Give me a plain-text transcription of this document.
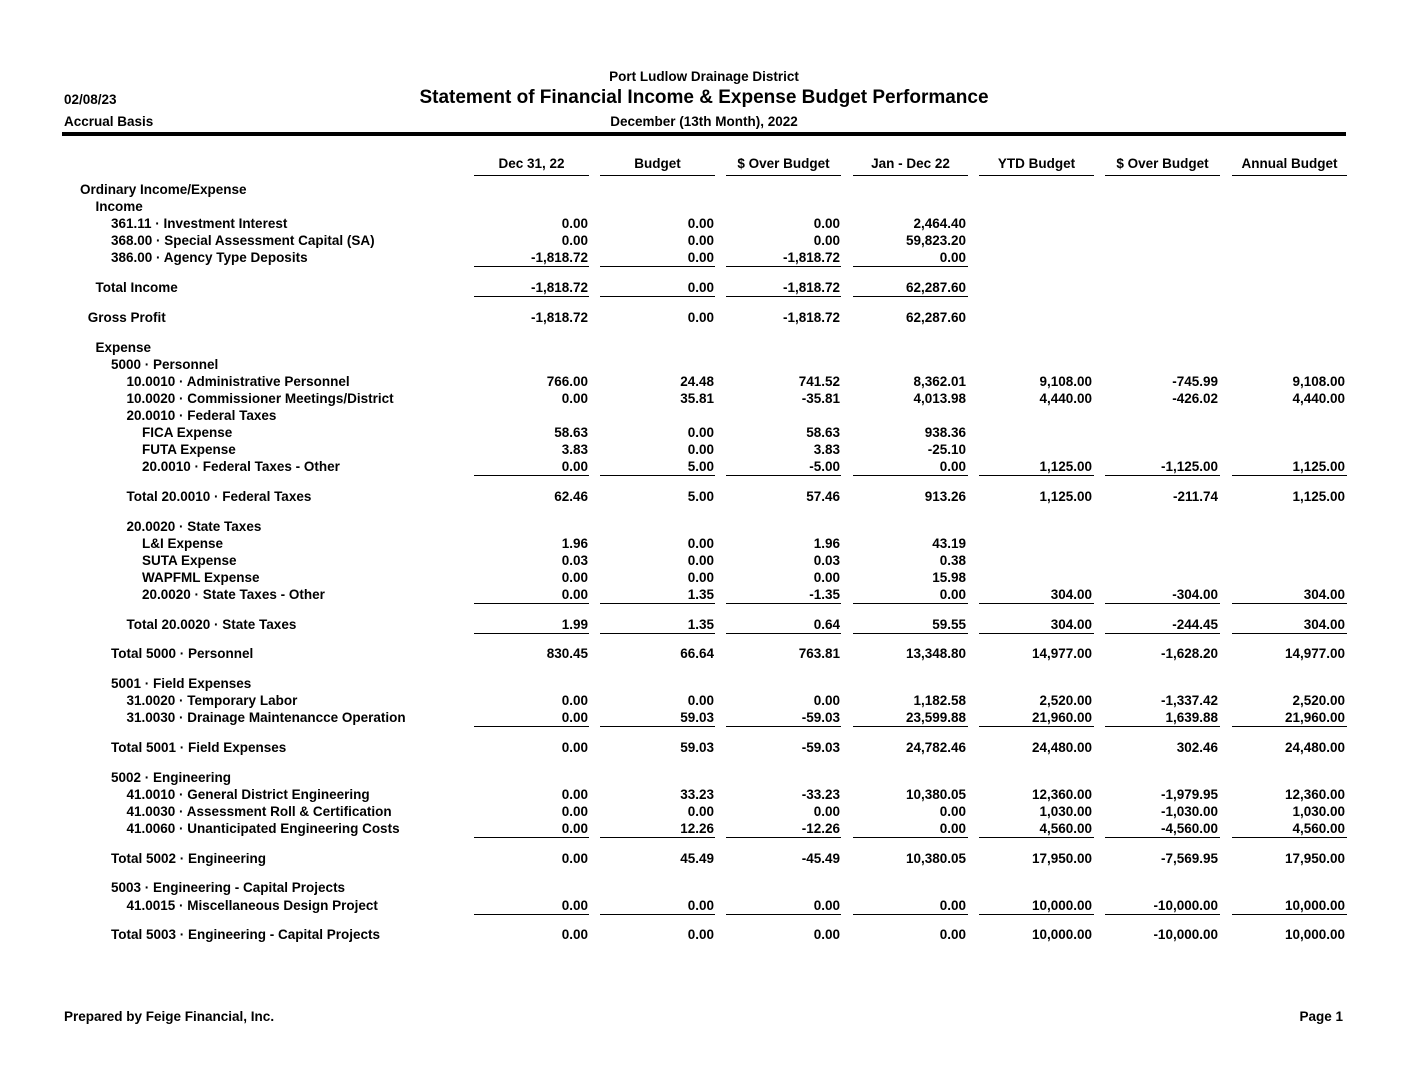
Port Ludlow Drainage District
Statement of Financial Income & Expense Budget Performance
December (13th Month), 2022
02/08/23
Accrual Basis
Dec 31, 22	Budget	$ Over Budget	Jan - Dec 22	YTD Budget	$ Over Budget	Annual Budget
Ordinary Income/Expense
Income
361.11 · Investment Interest	0.00	0.00	0.00	2,464.40
368.00 · Special Assessment Capital (SA)	0.00	0.00	0.00	59,823.20
386.00 · Agency Type Deposits	-1,818.72	0.00	-1,818.72	0.00
Total Income	-1,818.72	0.00	-1,818.72	62,287.60
Gross Profit	-1,818.72	0.00	-1,818.72	62,287.60
Expense
5000 · Personnel
10.0010 · Administrative Personnel	766.00	24.48	741.52	8,362.01	9,108.00	-745.99	9,108.00
10.0020 · Commissioner Meetings/District	0.00	35.81	-35.81	4,013.98	4,440.00	-426.02	4,440.00
20.0010 · Federal Taxes
FICA Expense	58.63	0.00	58.63	938.36
FUTA Expense	3.83	0.00	3.83	-25.10
20.0010 · Federal Taxes - Other	0.00	5.00	-5.00	0.00	1,125.00	-1,125.00	1,125.00
Total 20.0010 · Federal Taxes	62.46	5.00	57.46	913.26	1,125.00	-211.74	1,125.00
20.0020 · State Taxes
L&I Expense	1.96	0.00	1.96	43.19
SUTA Expense	0.03	0.00	0.03	0.38
WAPFML Expense	0.00	0.00	0.00	15.98
20.0020 · State Taxes - Other	0.00	1.35	-1.35	0.00	304.00	-304.00	304.00
Total 20.0020 · State Taxes	1.99	1.35	0.64	59.55	304.00	-244.45	304.00
Total 5000 · Personnel	830.45	66.64	763.81	13,348.80	14,977.00	-1,628.20	14,977.00
5001 · Field Expenses
31.0020 · Temporary Labor	0.00	0.00	0.00	1,182.58	2,520.00	-1,337.42	2,520.00
31.0030 · Drainage Maintenancce Operation	0.00	59.03	-59.03	23,599.88	21,960.00	1,639.88	21,960.00
Total 5001 · Field Expenses	0.00	59.03	-59.03	24,782.46	24,480.00	302.46	24,480.00
5002 · Engineering
41.0010 · General District Engineering	0.00	33.23	-33.23	10,380.05	12,360.00	-1,979.95	12,360.00
41.0030 · Assessment Roll & Certification	0.00	0.00	0.00	0.00	1,030.00	-1,030.00	1,030.00
41.0060 · Unanticipated Engineering Costs	0.00	12.26	-12.26	0.00	4,560.00	-4,560.00	4,560.00
Total 5002 · Engineering	0.00	45.49	-45.49	10,380.05	17,950.00	-7,569.95	17,950.00
5003 · Engineering - Capital Projects
41.0015 · Miscellaneous Design Project	0.00	0.00	0.00	0.00	10,000.00	-10,000.00	10,000.00
Total 5003 · Engineering - Capital Projects	0.00	0.00	0.00	0.00	10,000.00	-10,000.00	10,000.00
Prepared by Feige Financial, Inc.	Page 1
